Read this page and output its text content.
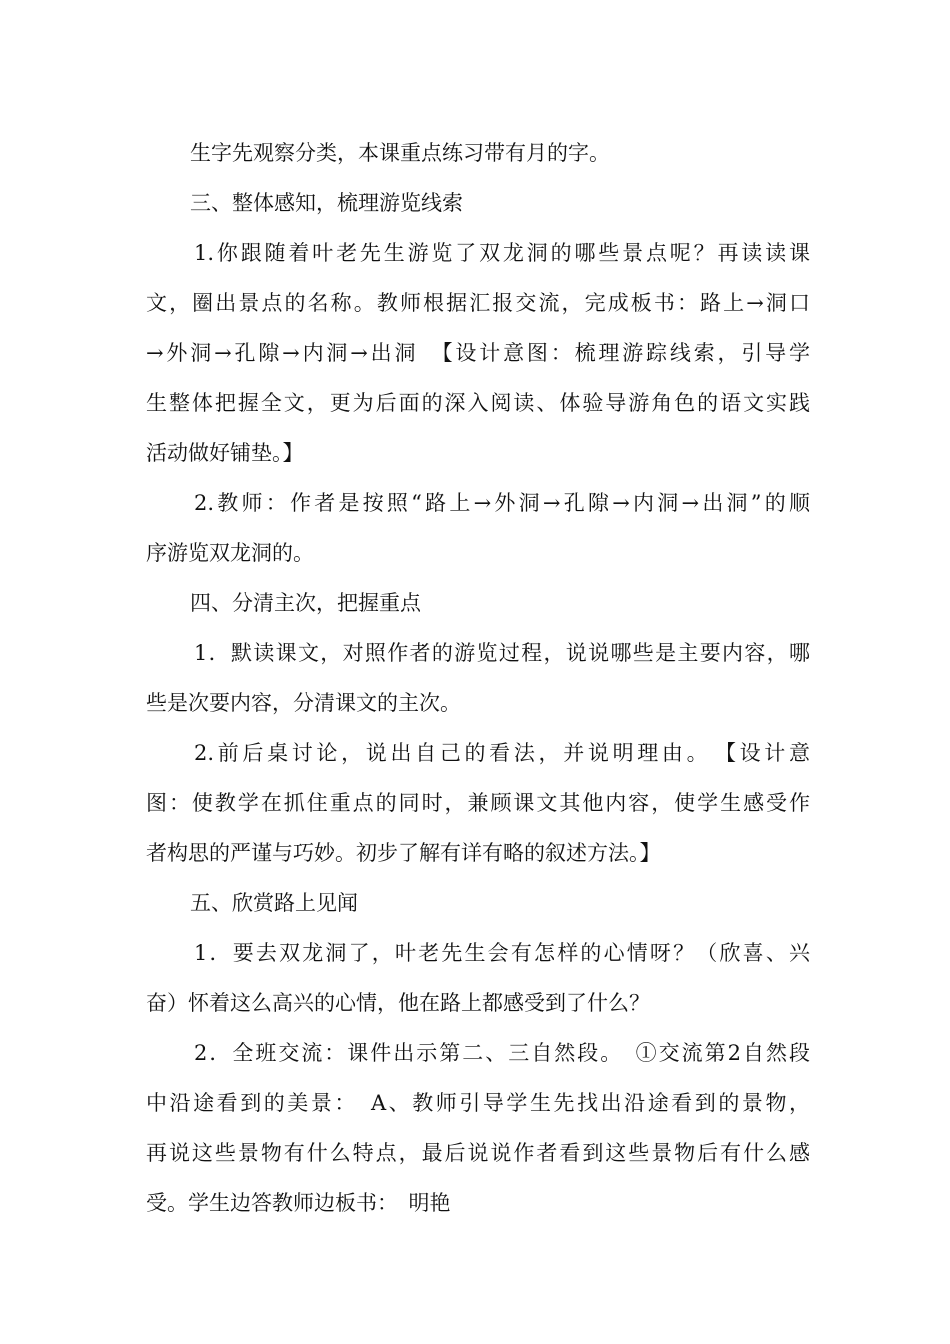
生字先观察分类，本课重点练习带有月的字。
三、整体感知，梳理游览线索
1.你跟随着叶老先生游览了双龙洞的哪些景点呢？再读读课
文，圈出景点的名称。教师根据汇报交流，完成板书：路上→洞口
→外洞→孔隙→内洞→出洞　【设计意图：梳理游踪线索，引导学
生整体把握全文，更为后面的深入阅读、体验导游角色的语文实践
活动做好铺垫。】
2.教师：作者是按照“路上→外洞→孔隙→内洞→出洞”的顺
序游览双龙洞的。
四、分清主次，把握重点
1．默读课文，对照作者的游览过程，说说哪些是主要内容，哪
些是次要内容，分清课文的主次。
2.前后桌讨论，说出自己的看法，并说明理由。　【设计意
图：使教学在抓住重点的同时，兼顾课文其他内容，使学生感受作
者构思的严谨与巧妙。初步了解有详有略的叙述方法。】
五、欣赏路上见闻
1．要去双龙洞了，叶老先生会有怎样的心情呀？（欣喜、兴
奋）怀着这么高兴的心情，他在路上都感受到了什么？
2．全班交流：课件出示第二、三自然段。　①交流第2自然段
中沿途看到的美景：　A、教师引导学生先找出沿途看到的景物，
再说这些景物有什么特点，最后说说作者看到这些景物后有什么感
受。学生边答教师边板书：　明艳
